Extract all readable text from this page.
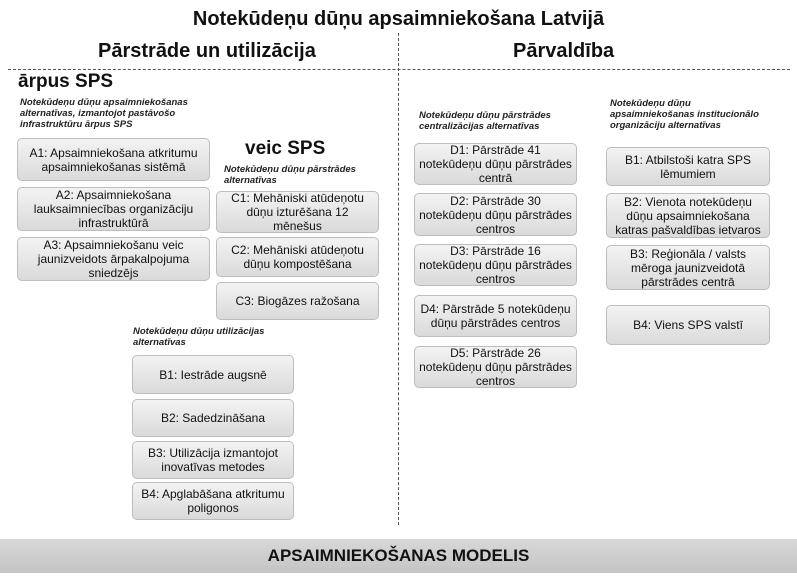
Notekūdeņu dūņu apsaimniekošana Latvijā
Pārstrāde un utilizācija	Pārvaldība
ārpus SPS
Notekūdeņu dūņu apsaimniekošanas alternatīvas, izmantojot pastāvošo infrastruktūru ārpus SPS
A1: Apsaimniekošana atkritumu apsaimniekošanas sistēmā
A2: Apsaimniekošana lauksaimniecības organizāciju infrastruktūrā
A3: Apsaimniekošanu veic jaunizveidots ārpakalpojuma sniedzējs
veic SPS
Notekūdeņu dūņu pārstrādes alternatīvas
C1: Mehāniski atūdeņotu dūņu izturēšana 12 mēnešus
C2: Mehāniski atūdeņotu dūņu kompostēšana
C3: Biogāzes ražošana
Notekūdeņu dūņu utilizācijas alternatīvas
B1: Iestrāde augsnē
B2: Sadedzināšana
B3: Utilizācija izmantojot inovatīvas metodes
B4: Apglabāšana atkritumu poligonos
Notekūdeņu dūņu pārstrādes centralizācijas alternatīvas
D1: Pārstrāde 41 notekūdeņu dūņu pārstrādes centrā
D2: Pārstrāde 30 notekūdeņu dūņu pārstrādes centros
D3: Pārstrāde 16 notekūdeņu dūņu pārstrādes centros
D4: Pārstrāde 5 notekūdeņu dūņu pārstrādes centros
D5: Pārstrāde 26 notekūdeņu dūņu pārstrādes centros
Notekūdeņu dūņu apsaimniekošanas institucionālo organizāciju alternatīvas
B1: Atbilstoši katra SPS lēmumiem
B2: Vienota notekūdeņu dūņu apsaimniekošana katras pašvaldības ietvaros
B3: Reģionāla / valsts mēroga jaunizveidotā pārstrādes centrā
B4: Viens SPS valstī
APSAIMNIEKOŠANAS MODELIS
